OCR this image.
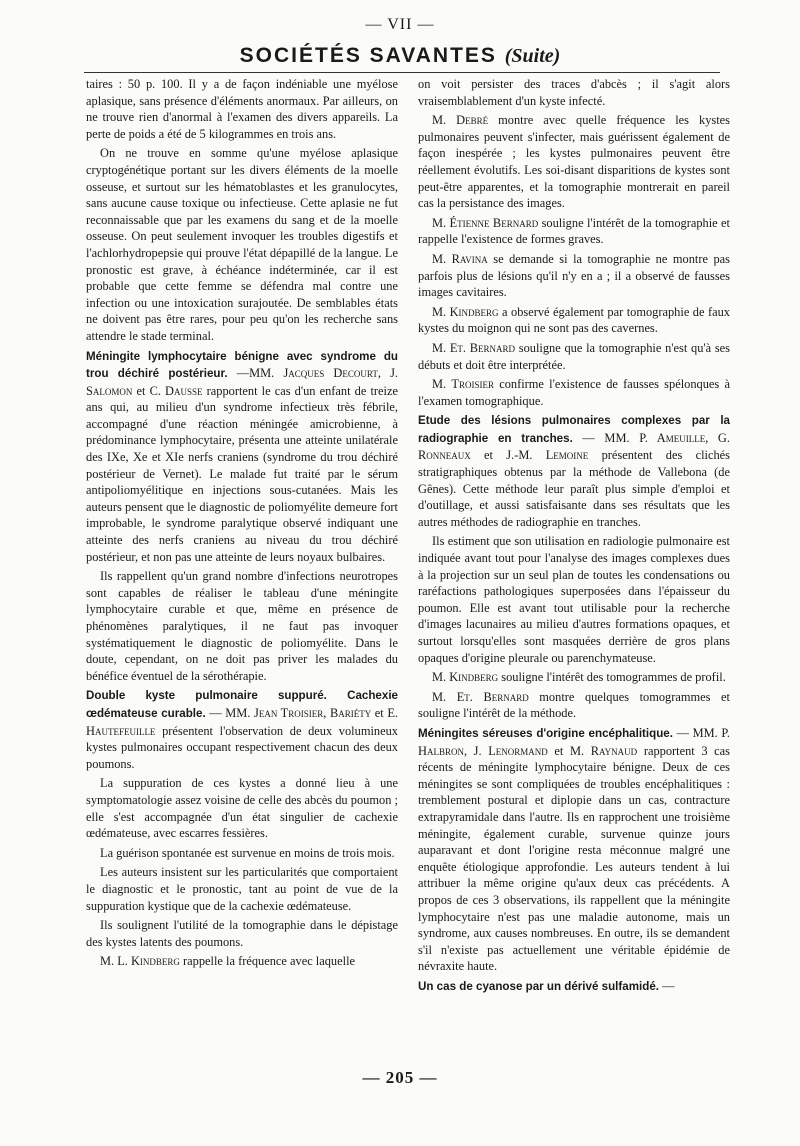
— VII —
SOCIÉTÉS SAVANTES (Suite)

taires : 50 p. 100. Il y a de façon indéniable une myélose aplasique, sans présence d'éléments anormaux. Par ailleurs, on ne trouve rien d'anormal à l'examen des divers appareils. La perte de poids a été de 5 kilogrammes en trois ans.

On ne trouve en somme qu'une myélose aplasique cryptogénétique portant sur les divers éléments de la moelle osseuse, et surtout sur les hématoblastes et les granulocytes, sans aucune cause toxique ou infectieuse. Cette aplasie ne fut reconnaissable que par les examens du sang et de la moelle osseuse. On peut seulement invoquer les troubles digestifs et l'achlorhydropepsie qui prouve l'état dépapillé de la langue. Le pronostic est grave, à échéance indéterminée, car il est probable que cette femme se défendra mal contre une infection ou une intoxication surajoutée. De semblables états ne doivent pas être rares, pour peu qu'on les recherche sans attendre le stade terminal.

Méningite lymphocytaire bénigne avec syndrome du trou déchiré postérieur. —MM. Jacques Decourt, J. Salomon et C. Dausse rapportent le cas d'un enfant de treize ans qui, au milieu d'un syndrome infectieux très fébrile, accompagné d'une réaction méningée amicrobienne, à prédominance lymphocytaire, présenta une atteinte unilatérale des IXe, Xe et XIe nerfs craniens (syndrome du trou déchiré postérieur de Vernet). Le malade fut traité par le sérum antipoliomyélitique en injections sous-cutanées. Mais les auteurs pensent que le diagnostic de poliomyélite demeure fort improbable, le syndrome paralytique observé indiquant une atteinte des nerfs craniens au niveau du trou déchiré postérieur, et non pas une atteinte de leurs noyaux bulbaires.

Ils rappellent qu'un grand nombre d'infections neurotropes sont capables de réaliser le tableau d'une méningite lymphocytaire curable et que, même en présence de phénomènes paralytiques, il ne faut pas invoquer systématiquement le diagnostic de poliomyélite. Dans le doute, cependant, on ne doit pas priver les malades du bénéfice éventuel de la sérothérapie.

Double kyste pulmonaire suppuré. Cachexie œdémateuse curable. — MM. Jean Troisier, Bariéty et E. Hautefeuille présentent l'observation de deux volumineux kystes pulmonaires occupant respectivement chacun des deux poumons.

La suppuration de ces kystes a donné lieu à une symptomatologie assez voisine de celle des abcès du poumon ; elle s'est accompagnée d'un état singulier de cachexie œdémateuse, avec escarres fessières.

La guérison spontanée est survenue en moins de trois mois.

Les auteurs insistent sur les particularités que comportaient le diagnostic et le pronostic, tant au point de vue de la suppuration kystique que de la cachexie œdémateuse.

Ils soulignent l'utilité de la tomographie dans le dépistage des kystes latents des poumons.

M. L. Kindberg rappelle la fréquence avec laquelle

on voit persister des traces d'abcès ; il s'agit alors vraisemblablement d'un kyste infecté.

M. Debré montre avec quelle fréquence les kystes pulmonaires peuvent s'infecter, mais guérissent également de façon inespérée ; les kystes pulmonaires peuvent être réellement évolutifs. Les soi-disant disparitions de kystes sont peut-être apparentes, et la tomographie montrerait en pareil cas la persistance des images.

M. Étienne Bernard souligne l'intérêt de la tomographie et rappelle l'existence de formes graves.

M. Ravina se demande si la tomographie ne montre pas parfois plus de lésions qu'il n'y en a ; il a observé de fausses images cavitaires.

M. Kindberg a observé également par tomographie de faux kystes du moignon qui ne sont pas des cavernes.

M. Et. Bernard souligne que la tomographie n'est qu'à ses débuts et doit être interprétée.

M. Troisier confirme l'existence de fausses spélonques à l'examen tomographique.

Etude des lésions pulmonaires complexes par la radiographie en tranches. — MM. P. Ameuille, G. Ronneaux et J.-M. Lemoine présentent des clichés stratigraphiques obtenus par la méthode de Vallebona (de Gênes). Cette méthode leur paraît plus simple d'emploi et d'outillage, et aussi satisfaisante dans ses résultats que les autres méthodes de radiographie en tranches.

Ils estiment que son utilisation en radiologie pulmonaire est indiquée avant tout pour l'analyse des images complexes dues à la projection sur un seul plan de toutes les condensations ou raréfactions pathologiques superposées dans l'épaisseur du poumon. Elle est avant tout utilisable pour la recherche d'images lacunaires au milieu d'autres formations opaques, et surtout lorsqu'elles sont masquées derrière de gros plans opaques d'origine pleurale ou parenchymateuse.

M. Kindberg souligne l'intérêt des tomogrammes de profil.

M. Et. Bernard montre quelques tomogrammes et souligne l'intérêt de la méthode.

Méningites séreuses d'origine encéphalitique. — MM. P. Halbron, J. Lenormand et M. Raynaud rapportent 3 cas récents de méningite lymphocytaire bénigne. Deux de ces méningites se sont compliquées de troubles encéphalitiques : tremblement postural et diplopie dans un cas, contracture extrapyramidale dans l'autre. Ils en rapprochent une troisième méningite, également curable, survenue quinze jours auparavant et dont l'origine resta méconnue malgré une enquête étiologique approfondie. Les auteurs tendent à lui attribuer la même origine qu'aux deux cas précédents. A propos de ces 3 observations, ils rappellent que la méningite lymphocytaire n'est pas une maladie autonome, mais un syndrome, aux causes nombreuses. En outre, ils se demandent s'il n'existe pas actuellement une véritable épidémie de névraxite haute.

Un cas de cyanose par un dérivé sulfamidé. —

— 205 —
